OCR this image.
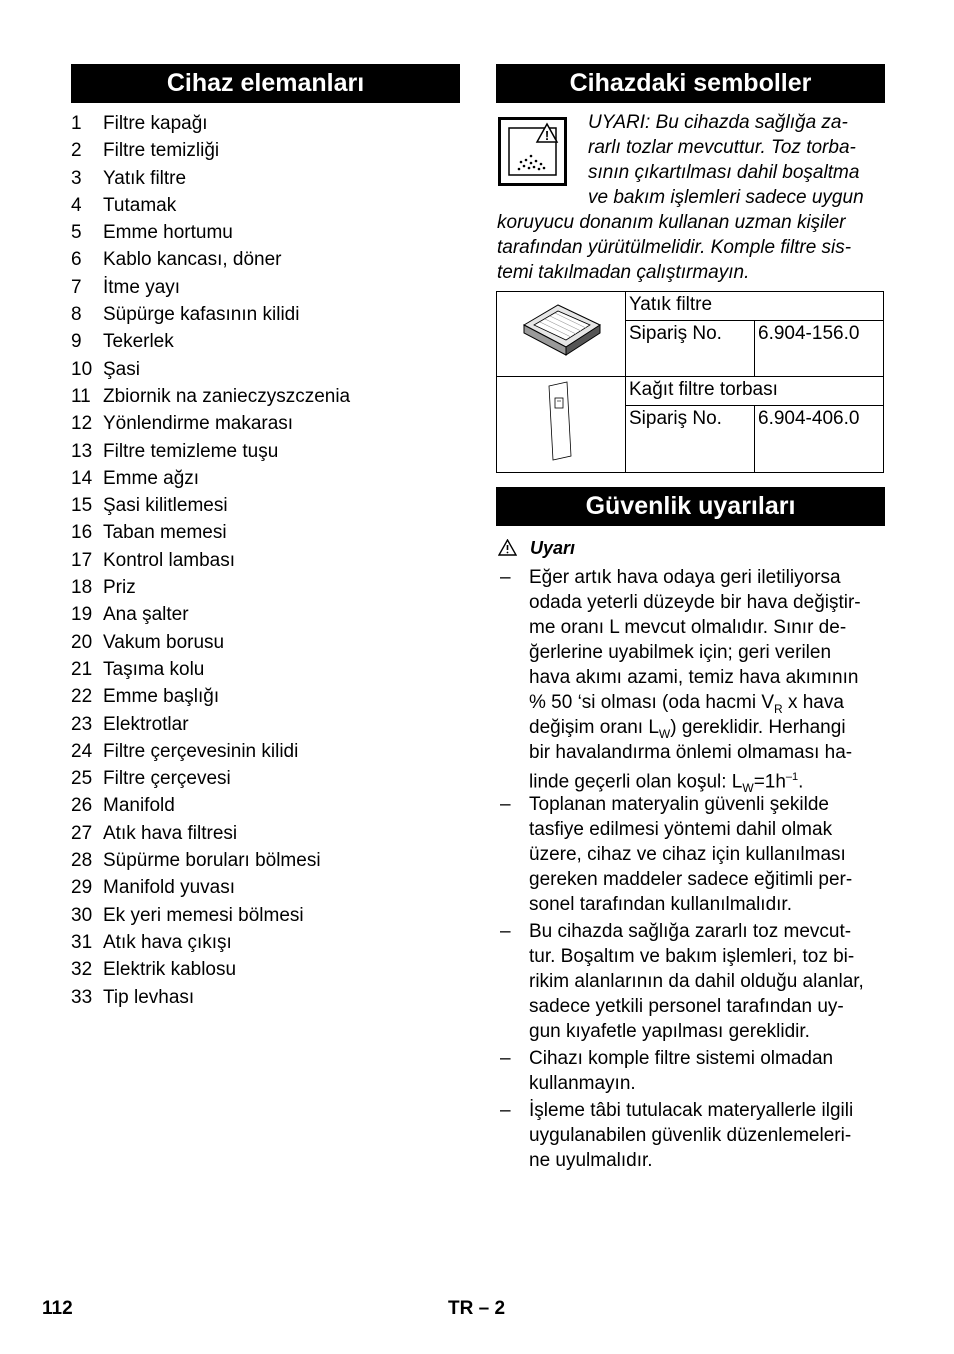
Cihaz elemanları	Cihazdaki semboller
1 Filtre kapağı
2 Filtre temizliği
3 Yatık filtre
4 Tutamak
5 Emme hortumu
6 Kablo kancası, döner
7 İtme yayı
8 Süpürge kafasının kilidi
9 Tekerlek
10 Şasi
11 Zbiornik na zanieczyszczenia
12 Yönlendirme makarası
13 Filtre temizleme tuşu
14 Emme ağzı
15 Şasi kilitlemesi
16 Taban memesi
17 Kontrol lambası
18 Priz
19 Ana şalter
20 Vakum borusu
21 Taşıma kolu
22 Emme başlığı
23 Elektrotlar
24 Filtre çerçevesinin kilidi
25 Filtre çerçevesi
26 Manifold
27 Atık hava filtresi
28 Süpürme boruları bölmesi
29 Manifold yuvası
30 Ek yeri memesi bölmesi
31 Atık hava çıkışı
32 Elektrik kablosu
33 Tip levhası
!
UYARI: Bu cihazda sağlığa za-
rarlı tozlar mevcuttur. Toz torba-
sının çıkartılması dahil boşaltma
ve bakım işlemleri sadece uygun
koruyucu donanım kullanan uzman kişiler
tarafından yürütülmelidir. Komple filtre sis-
temi takılmadan çalıştırmayın.
	Yatık filtre	
	Sipariş No.	6.904-156.0
	Kağıt filtre torbası	
	Sipariş No.	6.904-406.0
Güvenlik uyarıları
Uyarı
– Eğer artık hava odaya geri iletiliyorsa
odada yeterli düzeyde bir hava değiştir-
me oranı L mevcut olmalıdır. Sınır de-
ğerlerine uyabilmek için; geri verilen
hava akımı azami, temiz hava akımının
% 50 ‘si olması (oda hacmi $V_R$ x hava
değişim oranı $L_W$) gereklidir. Herhangi
bir havalandırma önlemi olmaması ha-
linde geçerli olan koşul: $L_W=1h^{-1}$.
– Toplanan materyalin güvenli şekilde
tasfiye edilmesi yöntemi dahil olmak
üzere, cihaz ve cihaz için kullanılması
gereken maddeler sadece eğitimli per-
sonel tarafından kullanılmalıdır.
– Bu cihazda sağlığa zararlı toz mevcut-
tur. Boşaltım ve bakım işlemleri, toz bi-
rikim alanlarının da dahil olduğu alanlar,
sadece yetkili personel tarafından uy-
gun kıyafetle yapılması gereklidir.
– Cihazı komple filtre sistemi olmadan
kullanmayın.
– İşleme tâbi tutulacak materyallerle ilgili
uygulanabilen güvenlik düzenlemeleri-
ne uyulmalıdır.
112	TR – 2
